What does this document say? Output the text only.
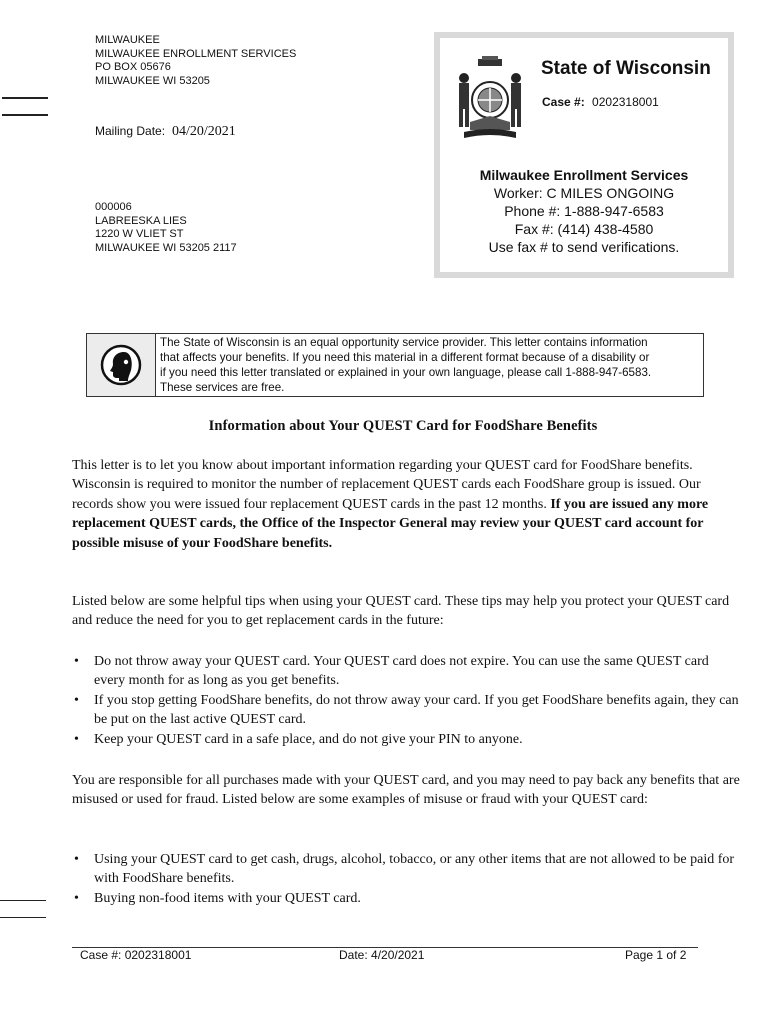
MILWAUKEE
MILWAUKEE ENROLLMENT SERVICES
PO BOX 05676
MILWAUKEE WI 53205
Mailing Date: 04/20/2021
000006
LABREESKA LIES
1220 W VLIET ST
MILWAUKEE WI 53205 2117
State of Wisconsin
Case #: 0202318001
Milwaukee Enrollment Services
Worker: C MILES ONGOING
Phone #: 1-888-947-6583
Fax #: (414) 438-4580
Use fax # to send verifications.
The State of Wisconsin is an equal opportunity service provider. This letter contains information
that affects your benefits. If you need this material in a different format because of a disability or
if you need this letter translated or explained in your own language, please call 1-888-947-6583.
These services are free.
Information about Your QUEST Card for FoodShare Benefits
This letter is to let you know about important information regarding your QUEST card for FoodShare benefits. Wisconsin is required to monitor the number of replacement QUEST cards each FoodShare group is issued. Our records show you were issued four replacement QUEST cards in the past 12 months. If you are issued any more replacement QUEST cards, the Office of the Inspector General may review your QUEST card account for possible misuse of your FoodShare benefits.
Listed below are some helpful tips when using your QUEST card. These tips may help you protect your QUEST card and reduce the need for you to get replacement cards in the future:
• Do not throw away your QUEST card. Your QUEST card does not expire. You can use the same QUEST card every month for as long as you get benefits.
• If you stop getting FoodShare benefits, do not throw away your card. If you get FoodShare benefits again, they can be put on the last active QUEST card.
• Keep your QUEST card in a safe place, and do not give your PIN to anyone.
You are responsible for all purchases made with your QUEST card, and you may need to pay back any benefits that are misused or used for fraud. Listed below are some examples of misuse or fraud with your QUEST card:
• Using your QUEST card to get cash, drugs, alcohol, tobacco, or any other items that are not allowed to be paid for with FoodShare benefits.
• Buying non-food items with your QUEST card.
Case #: 0202318001	Date: 4/20/2021	Page 1 of 2
